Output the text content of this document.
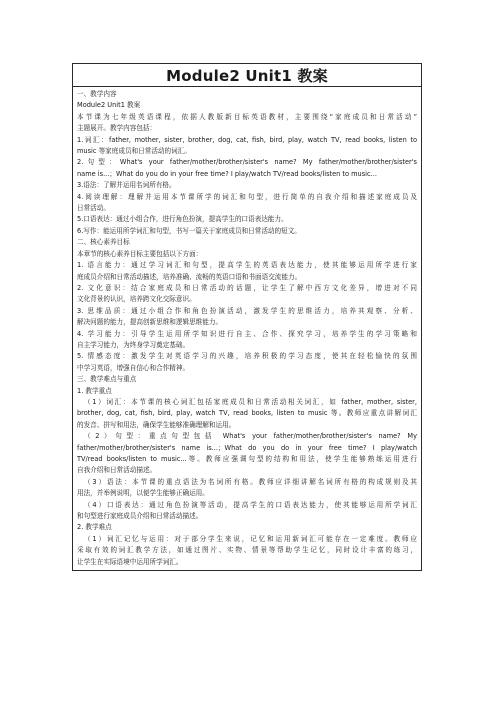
Module2 Unit1 教案
一、教学内容
Module2 Unit1 教案
本节课为七年级英语课程，依据人教版新目标英语教材，主要围绕“家庭成员和日常活动”
主题展开。教学内容包括：
1.词汇：father, mother, sister, brother, dog, cat, fish, bird, play, watch TV, read books, listen to
music 等家庭成员和日常活动的词汇。
2.句型：What's your father/mother/brother/sister's name? My father/mother/brother/sister's
name is...；What do you do in your free time? I play/watch TV/read books/listen to music...
3.语法：了解并运用名词所有格。
4.阅读理解：理解并运用本节课所学的词汇和句型，进行简单的自我介绍和描述家庭成员及
日常活动。
5.口语表达：通过小组合作，进行角色扮演，提高学生的口语表达能力。
6.写作：能运用所学词汇和句型，书写一篇关于家庭成员和日常活动的短文。
二、核心素养目标
本章节的核心素养目标主要包括以下方面：
1. 语言能力：通过学习词汇和句型，提高学生的英语表达能力，使其能够运用所学进行家
庭成员介绍和日常活动描述，培养准确、流畅的英语口语和书面语交流能力。
2. 文化意识：结合家庭成员和日常活动的话题，让学生了解中西方文化差异，增进对不同
文化背景的认识，培养跨文化交际意识。
3. 思维品质：通过小组合作和角色扮演活动，激发学生的思维活力，培养其观察、分析、
解决问题的能力，提高创新思维和逻辑思维能力。
4. 学习能力：引导学生运用所学知识进行自主、合作、探究学习，培养学生的学习策略和
自主学习能力，为终身学习奠定基础。
5. 情感态度：激发学生对英语学习的兴趣，培养积极的学习态度，使其在轻松愉快的氛围
中学习英语，增强自信心和合作精神。
三、教学难点与重点
1. 教学重点
（1）词汇：本节课的核心词汇包括家庭成员和日常活动相关词汇，如 father, mother, sister,
brother, dog, cat, fish, bird, play, watch TV, read books, listen to music 等。教师应重点讲解词汇
的发音、拼写和用法，确保学生能够准确理解和运用。
（2）句型：重点句型包括 What's your father/mother/brother/sister's name? My
father/mother/brother/sister's name is...；What do you do in your free time? I play/watch
TV/read books/listen to music...等。教师应强调句型的结构和用法，使学生能够熟练运用进行
自我介绍和日常活动描述。
（3）语法：本节课的重点语法为名词所有格。教师应详细讲解名词所有格的构成规则及其
用法，并举例说明，以便学生能够正确运用。
（4）口语表达：通过角色扮演等活动，提高学生的口语表达能力，使其能够运用所学词汇
和句型进行家庭成员介绍和日常活动描述。
2. 教学难点
（1）词汇记忆与运用：对于部分学生来说，记忆和运用新词汇可能存在一定难度。教师应
采取有效的词汇教学方法，如通过图片、实物、情景等帮助学生记忆，同时设计丰富的练习，
让学生在实际语境中运用所学词汇。
